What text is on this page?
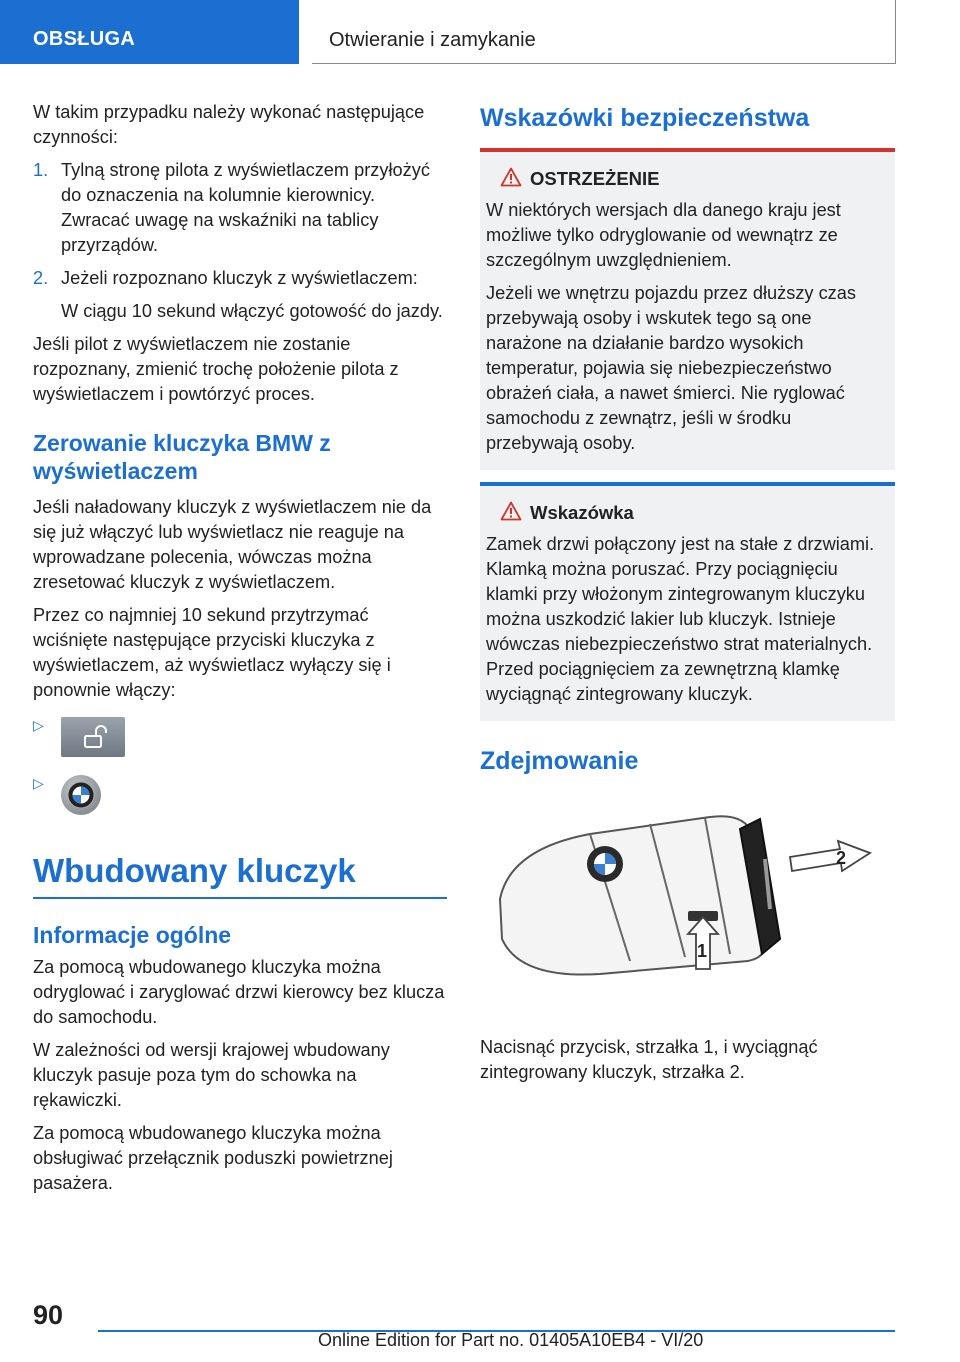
OBSŁUGA	Otwieranie i zamykanie

W takim przypadku należy wykonać następujące czynności:

1. Tylną stronę pilota z wyświetlaczem przyłożyć do oznaczenia na kolumnie kierownicy. Zwracać uwagę na wskaźniki na tablicy przyrządów.
2. Jeżeli rozpoznano kluczyk z wyświetlaczem:
W ciągu 10 sekund włączyć gotowość do jazdy.

Jeśli pilot z wyświetlaczem nie zostanie rozpoznany, zmienić trochę położenie pilota z wyświetlaczem i powtórzyć proces.

Zerowanie kluczyka BMW z wyświetlaczem

Jeśli naładowany kluczyk z wyświetlaczem nie da się już włączyć lub wyświetlacz nie reaguje na wprowadzane polecenia, wówczas można zresetować kluczyk z wyświetlaczem.

Przez co najmniej 10 sekund przytrzymać wciśnięte następujące przyciski kluczyka z wyświetlaczem, aż wyświetlacz wyłączy się i ponownie włączy:

▷
▷
Wbudowany kluczyk
Informacje ogólne

Za pomocą wbudowanego kluczyka można odryglować i zaryglować drzwi kierowcy bez klucza do samochodu.

W zależności od wersji krajowej wbudowany kluczyk pasuje poza tym do schowka na rękawiczki.

Za pomocą wbudowanego kluczyka można obsługiwać przełącznik poduszki powietrznej pasażera.

Wskazówki bezpieczeństwa
OSTRZEŻENIE

W niektórych wersjach dla danego kraju jest możliwe tylko odryglowanie od wewnątrz ze szczególnym uwzględnieniem.

Jeżeli we wnętrzu pojazdu przez dłuższy czas przebywają osoby i wskutek tego są one narażone na działanie bardzo wysokich temperatur, pojawia się niebezpieczeństwo obrażeń ciała, a nawet śmierci. Nie ryglować samochodu z zewnątrz, jeśli w środku przebywają osoby.

Wskazówka

Zamek drzwi połączony jest na stałe z drzwiami. Klamką można poruszać. Przy pociągnięciu klamki przy włożonym zintegrowanym kluczyku można uszkodzić lakier lub kluczyk. Istnieje wówczas niebezpieczeństwo strat materialnych. Przed pociągnięciem za zewnętrzną klamkę wyciągnąć zintegrowany kluczyk.

Zdejmowanie
2
1

Nacisnąć przycisk, strzałka 1, i wyciągnąć zintegrowany kluczyk, strzałka 2.

90
Online Edition for Part no. 01405A10EB4 - VI/20
